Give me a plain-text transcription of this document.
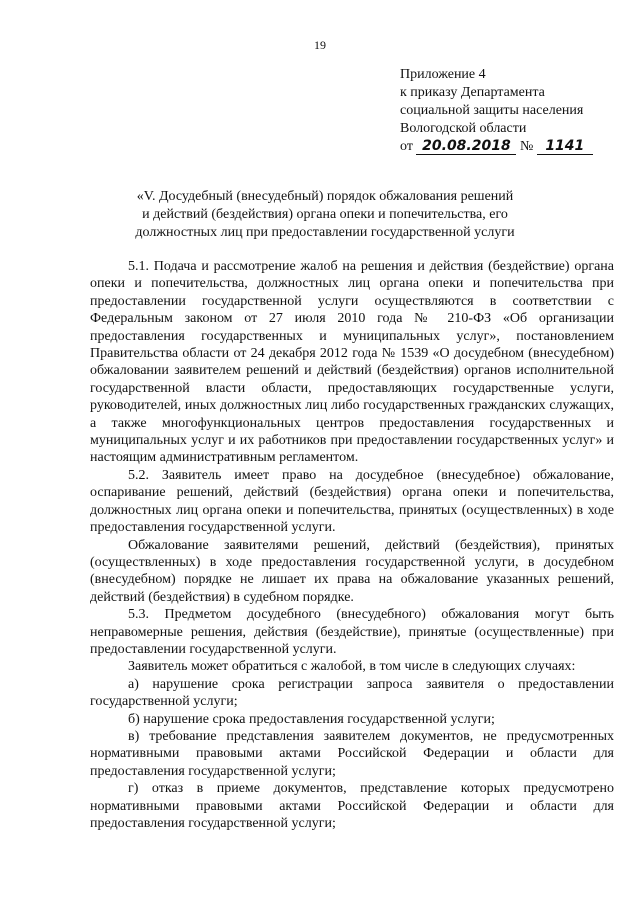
19
Приложение 4
к приказу Департамента
социальной защиты населения
Вологодской области
от 20.08.2018 № 1141
«V. Досудебный (внесудебный) порядок обжалования решений
и действий (бездействия) органа опеки и попечительства, его
должностных лиц при предоставлении государственной услуги

5.1. Подача и рассмотрение жалоб на решения и действия (бездействие) органа опеки и попечительства, должностных лиц органа опеки и попечительства при предоставлении государственной услуги осуществляются в соответствии с Федеральным законом от 27 июля 2010 года № 210-ФЗ «Об организации предоставления государственных и муниципальных услуг», постановлением Правительства области от 24 декабря 2012 года № 1539 «О досудебном (внесудебном) обжаловании заявителем решений и действий (бездействия) органов исполнительной государственной власти области, предоставляющих государственные услуги, руководителей, иных должностных лиц либо государственных гражданских служащих, а также многофункциональных центров предоставления государственных и муниципальных услуг и их работников при предоставлении государственных услуг» и настоящим административным регламентом.

5.2. Заявитель имеет право на досудебное (внесудебное) обжалование, оспаривание решений, действий (бездействия) органа опеки и попечительства, должностных лиц органа опеки и попечительства, принятых (осуществленных) в ходе предоставления государственной услуги.

Обжалование заявителями решений, действий (бездействия), принятых (осуществленных) в ходе предоставления государственной услуги, в досудебном (внесудебном) порядке не лишает их права на обжалование указанных решений, действий (бездействия) в судебном порядке.

5.3. Предметом досудебного (внесудебного) обжалования могут быть неправомерные решения, действия (бездействие), принятые (осуществленные) при предоставлении государственной услуги.

Заявитель может обратиться с жалобой, в том числе в следующих случаях:

а) нарушение срока регистрации запроса заявителя о предоставлении государственной услуги;

б) нарушение срока предоставления государственной услуги;

в) требование представления заявителем документов, не предусмотренных нормативными правовыми актами Российской Федерации и области для предоставления государственной услуги;

г) отказ в приеме документов, представление которых предусмотрено нормативными правовыми актами Российской Федерации и области для предоставления государственной услуги;
